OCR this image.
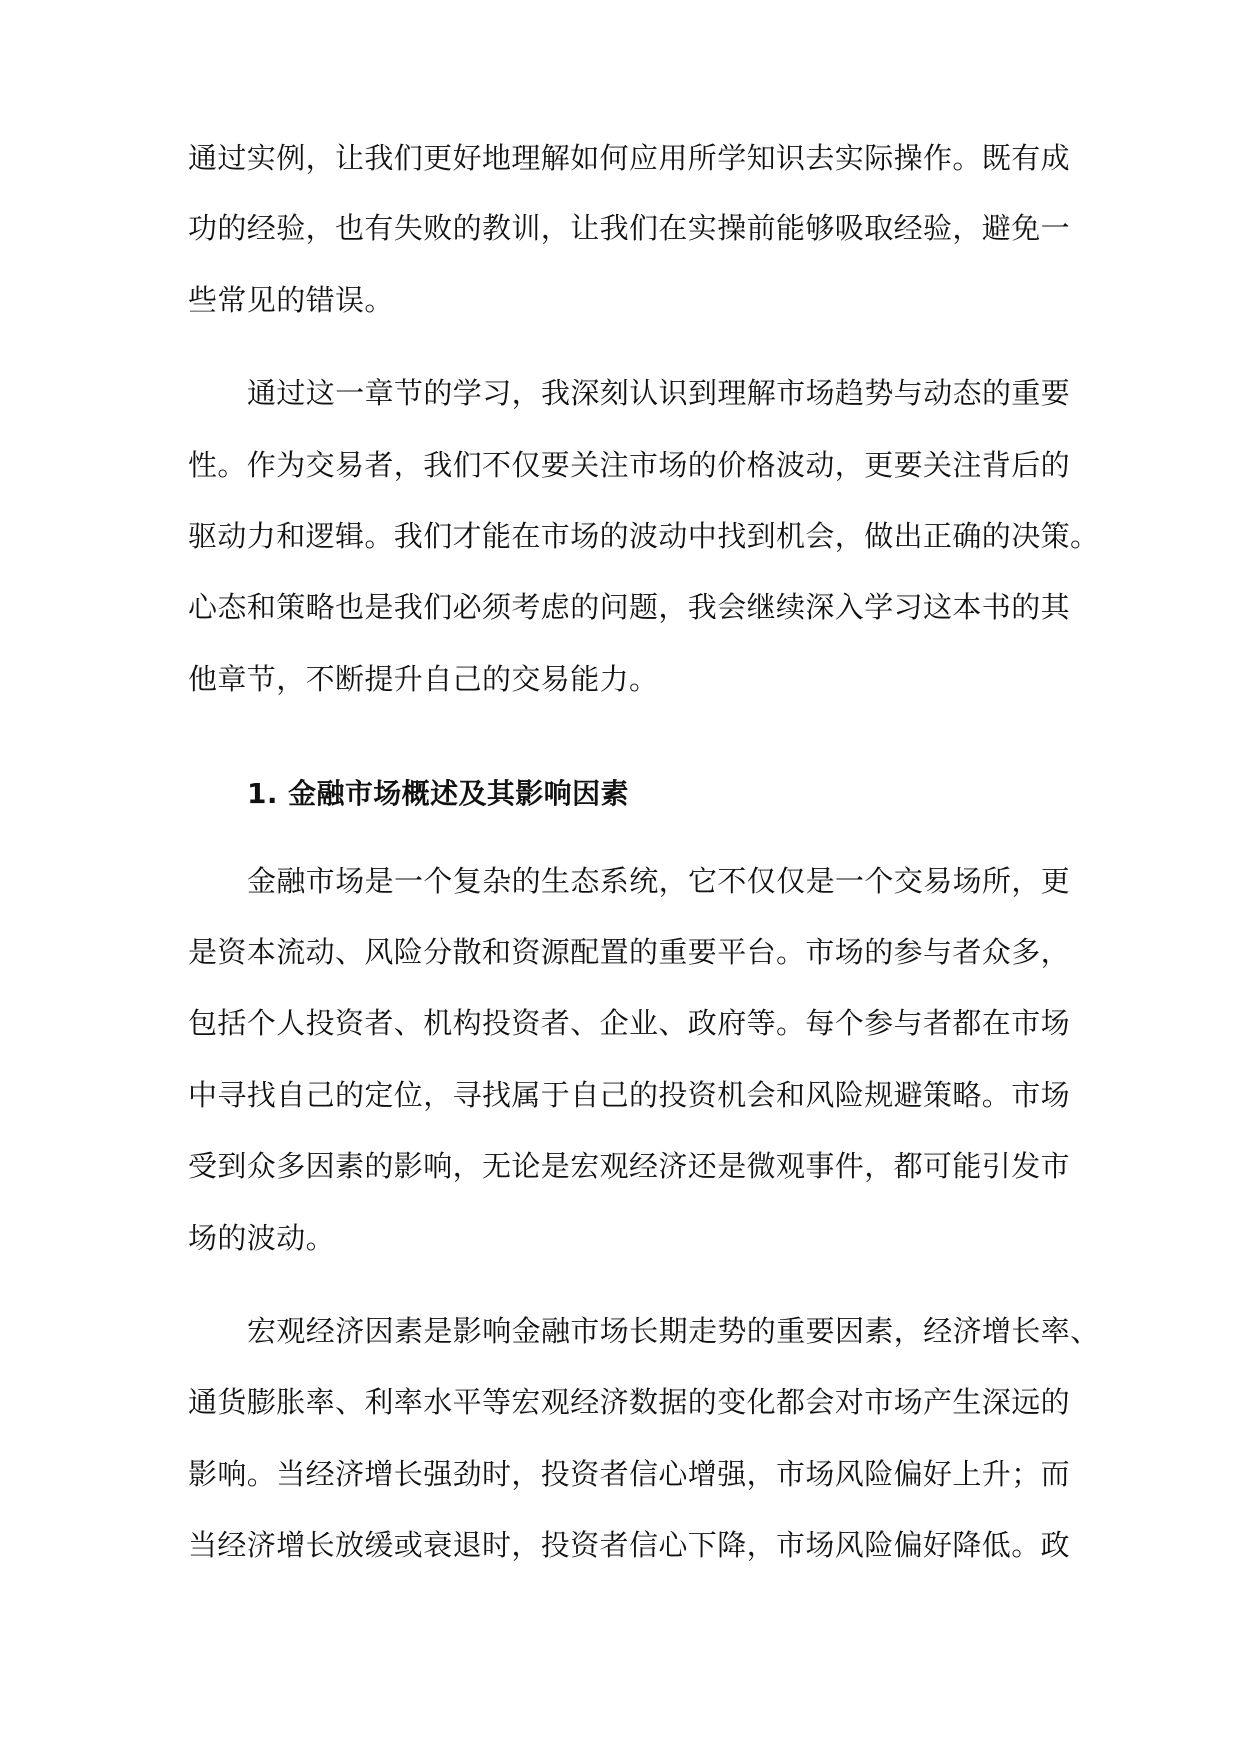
通过实例，让我们更好地理解如何应用所学知识去实际操作。既有成
功的经验，也有失败的教训，让我们在实操前能够吸取经验，避免一
些常见的错误。
通过这一章节的学习，我深刻认识到理解市场趋势与动态的重要
性。作为交易者，我们不仅要关注市场的价格波动，更要关注背后的
驱动力和逻辑。我们才能在市场的波动中找到机会，做出正确的决策。
心态和策略也是我们必须考虑的问题，我会继续深入学习这本书的其
他章节，不断提升自己的交易能力。
1. 金融市场概述及其影响因素
金融市场是一个复杂的生态系统，它不仅仅是一个交易场所，更
是资本流动、风险分散和资源配置的重要平台。市场的参与者众多，
包括个人投资者、机构投资者、企业、政府等。每个参与者都在市场
中寻找自己的定位，寻找属于自己的投资机会和风险规避策略。市场
受到众多因素的影响，无论是宏观经济还是微观事件，都可能引发市
场的波动。
宏观经济因素是影响金融市场长期走势的重要因素，经济增长率、
通货膨胀率、利率水平等宏观经济数据的变化都会对市场产生深远的
影响。当经济增长强劲时，投资者信心增强，市场风险偏好上升；而
当经济增长放缓或衰退时，投资者信心下降，市场风险偏好降低。政
